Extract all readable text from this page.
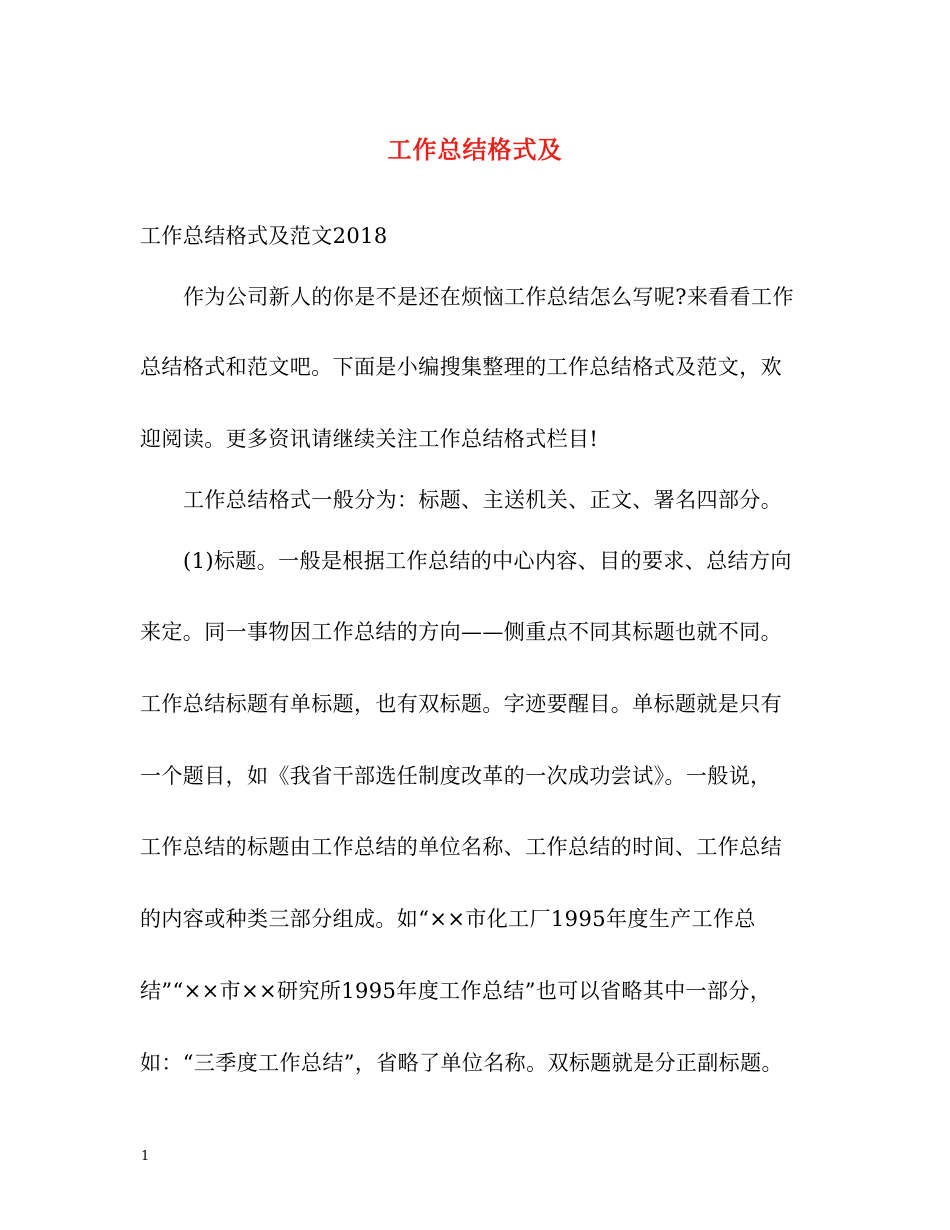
工作总结格式及
工作总结格式及范文2018
作为公司新人的你是不是还在烦恼工作总结怎么写呢?来看看工作
总结格式和范文吧。下面是小编搜集整理的工作总结格式及范文，欢
迎阅读。更多资讯请继续关注工作总结格式栏目!
工作总结格式一般分为：标题、主送机关、正文、署名四部分。
(1)标题。一般是根据工作总结的中心内容、目的要求、总结方向
来定。同一事物因工作总结的方向——侧重点不同其标题也就不同。
工作总结标题有单标题，也有双标题。字迹要醒目。单标题就是只有
一个题目，如《我省干部选任制度改革的一次成功尝试》。一般说，
工作总结的标题由工作总结的单位名称、工作总结的时间、工作总结
的内容或种类三部分组成。如“××市化工厂1995年度生产工作总
结”“××市××研究所1995年度工作总结”也可以省略其中一部分，
如：“三季度工作总结”，省略了单位名称。双标题就是分正副标题。
1
